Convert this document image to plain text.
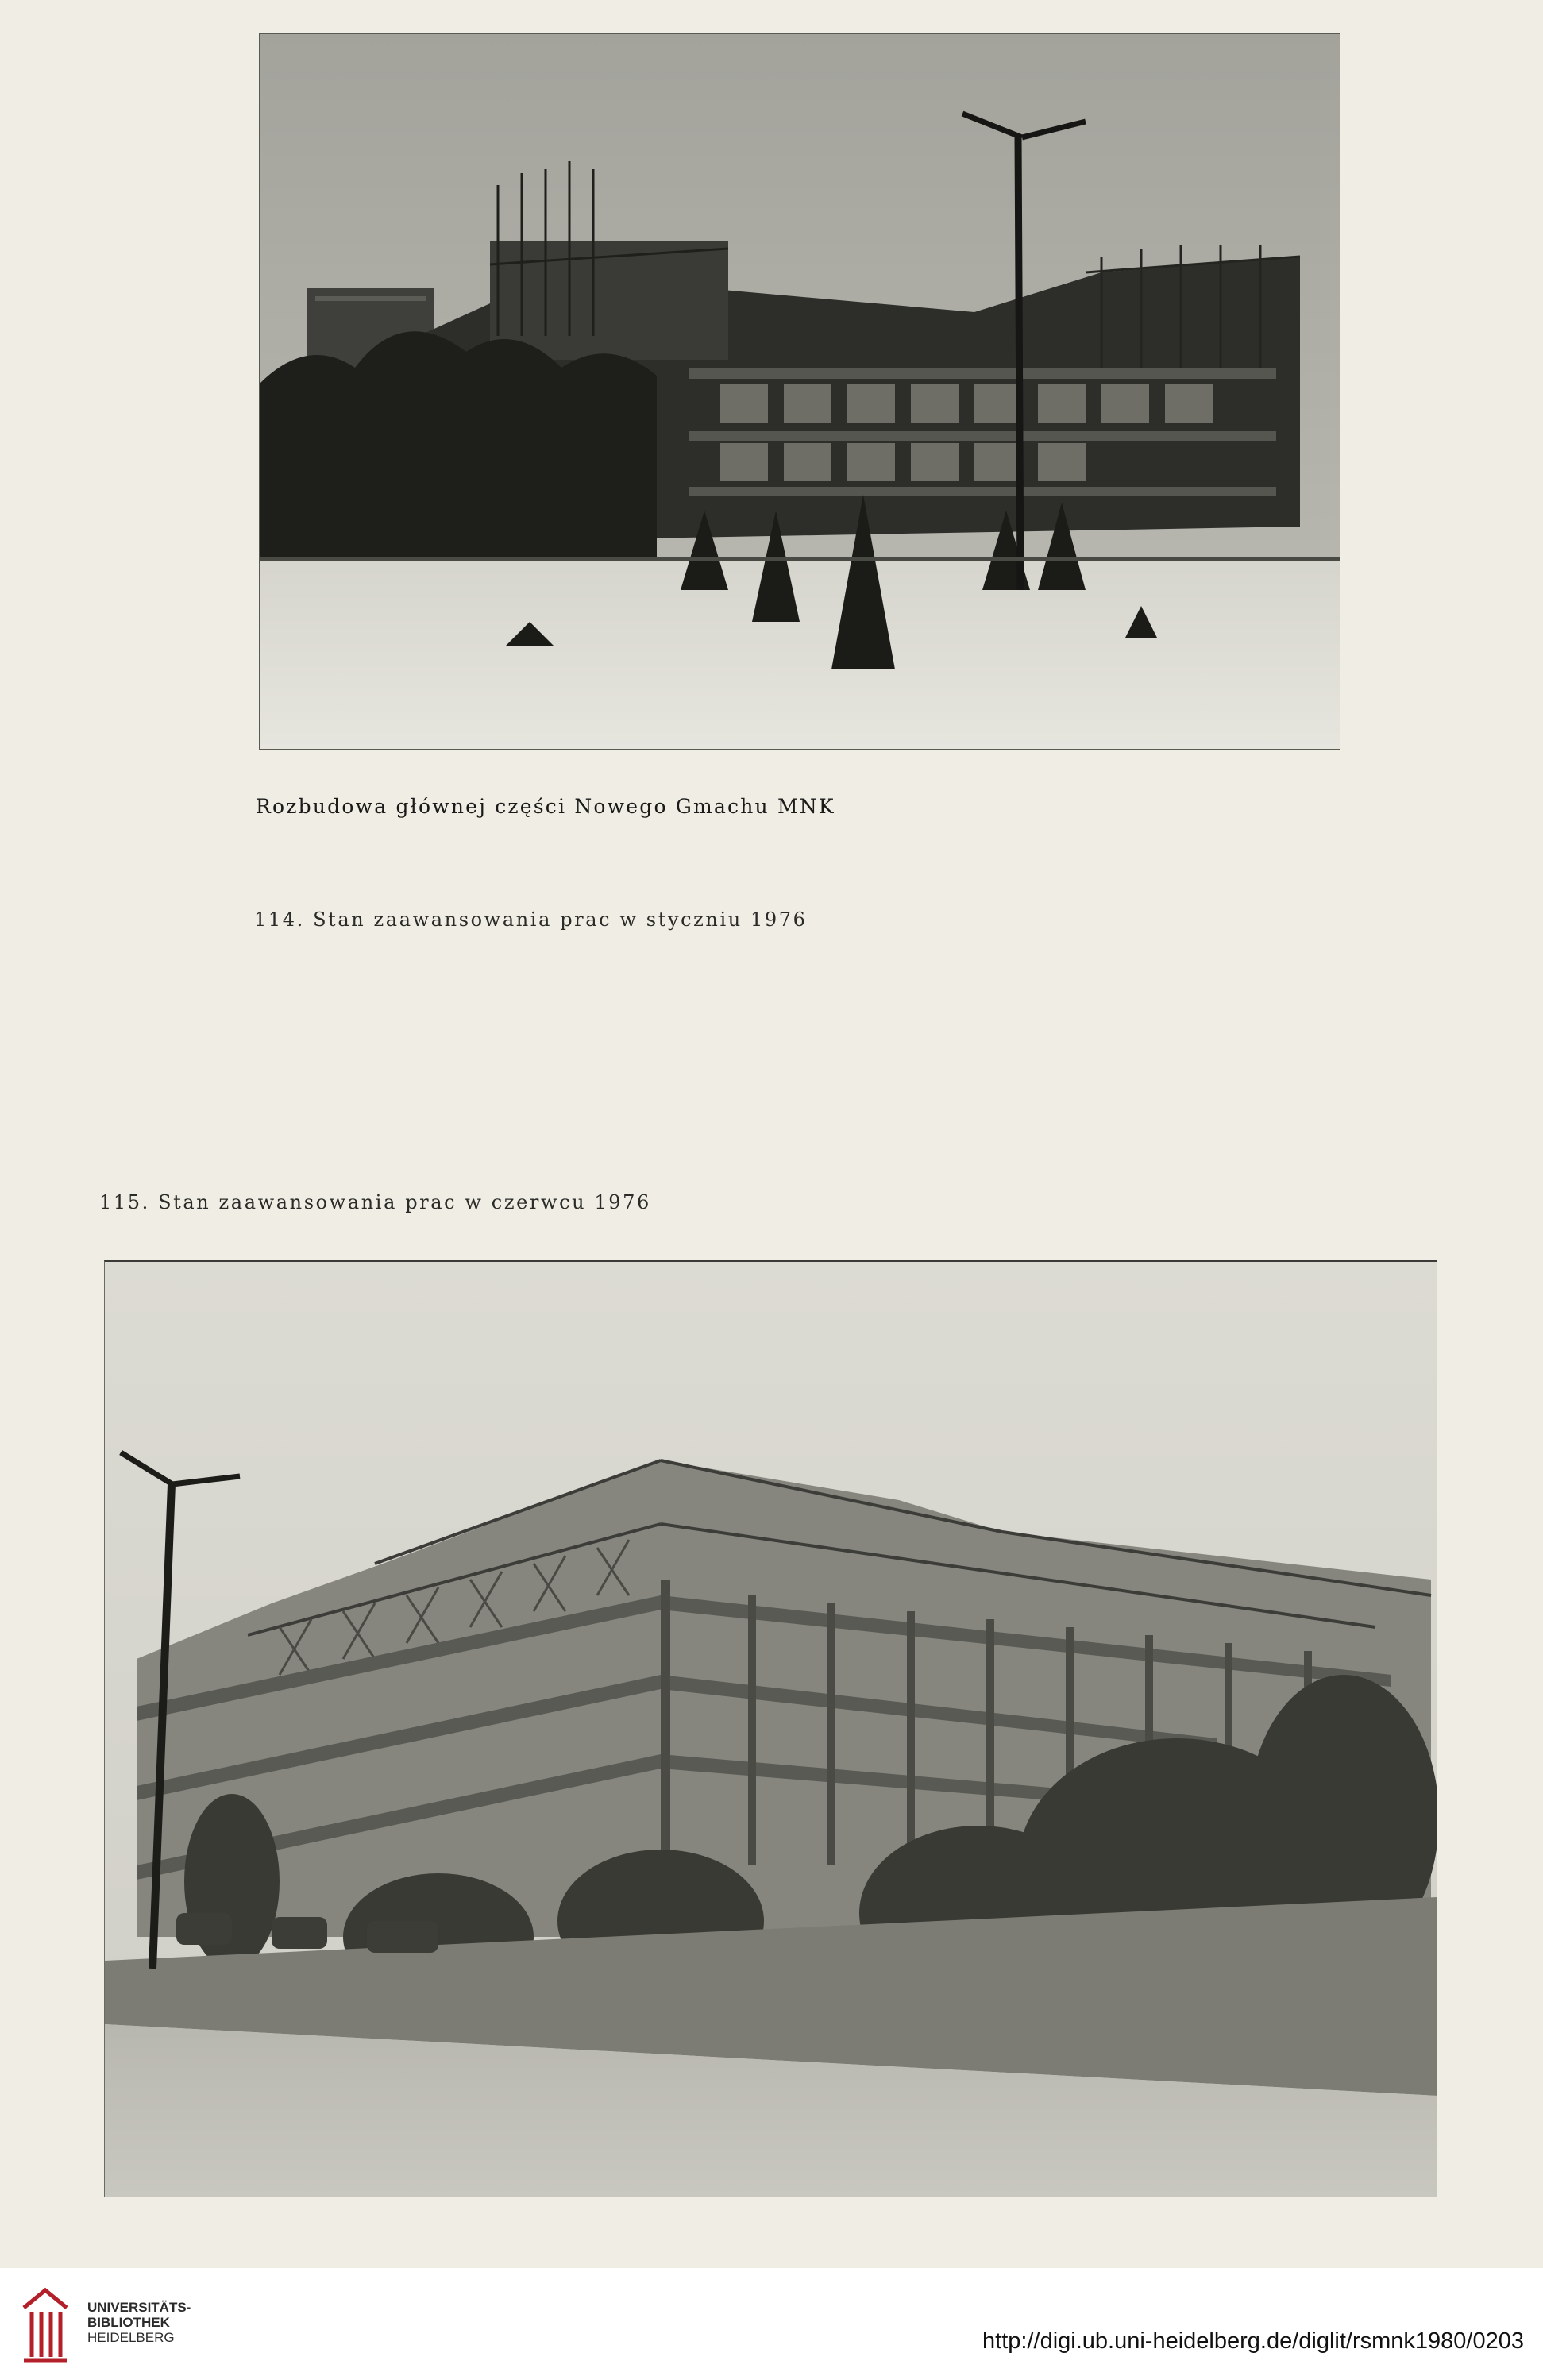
Rozbudowa głównej części Nowego Gmachu MNK
114. Stan zaawansowania prac w styczniu 1976
115. Stan zaawansowania prac w czerwcu 1976
UNIVERSITÄTS-
BIBLIOTHEK
HEIDELBERG	http://digi.ub.uni-heidelberg.de/diglit/rsmnk1980/0203
